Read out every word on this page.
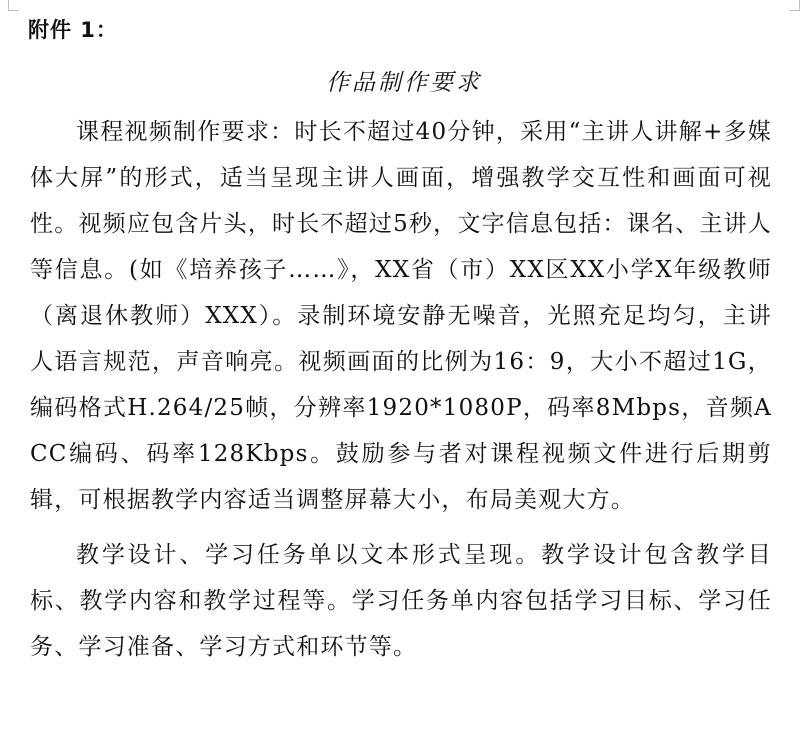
附件 1：
作品制作要求

课程视频制作要求：时长不超过40分钟，采用“主讲人讲解+多媒体大屏”的形式，适当呈现主讲人画面，增强教学交互性和画面可视性。视频应包含片头，时长不超过5秒，文字信息包括：课名、主讲人等信息。(如《培养孩子……》，XX省（市）XX区XX小学X年级教师（离退休教师）XXX）。录制环境安静无噪音，光照充足均匀，主讲人语言规范，声音响亮。视频画面的比例为16：9，大小不超过1G，编码格式H.264/25帧，分辨率1920*1080P，码率8Mbps，音频ACC编码、码率128Kbps。鼓励参与者对课程视频文件进行后期剪辑，可根据教学内容适当调整屏幕大小，布局美观大方。

教学设计、学习任务单以文本形式呈现。教学设计包含教学目标、教学内容和教学过程等。学习任务单内容包括学习目标、学习任务、学习准备、学习方式和环节等。
